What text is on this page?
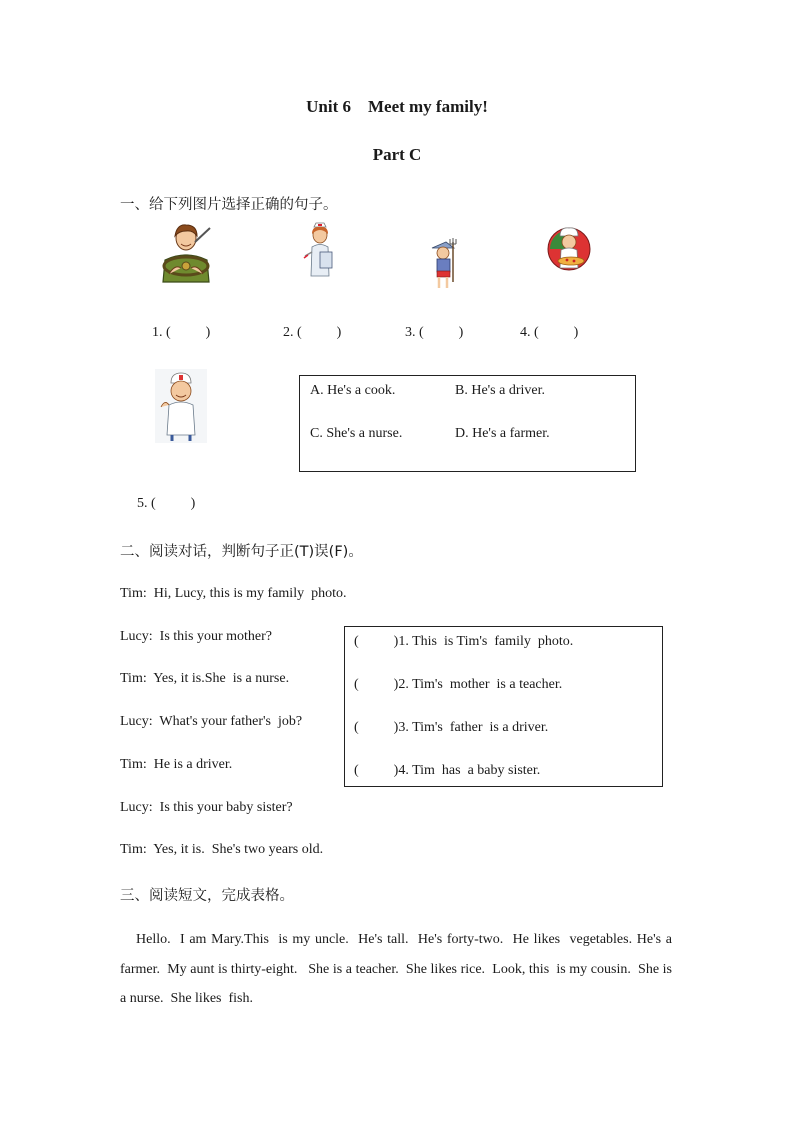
Unit 6    Meet my family!
Part C
一、给下列图片选择正确的句子。
1. (          )	2. (          )	3. (          )	4. (          )
A. He's a cook.	B. He's a driver.
C. She's a nurse.	D. He's a farmer.
5. (          )
二、阅读对话，判断句子正(T)误(F)。
Tim:  Hi, Lucy, this is my family  photo.
Lucy:  Is this your mother?
Tim:  Yes, it is.She  is a nurse.
Lucy:  What's your father's  job?
Tim:  He is a driver.
Lucy:  Is this your baby sister?
Tim:  Yes, it is.  She's two years old.
(          )1. This  is Tim's  family  photo.
(          )2. Tim's  mother  is a teacher.
(          )3. Tim's  father  is a driver.
(          )4. Tim  has  a baby sister.
三、阅读短文，完成表格。
Hello.  I am Mary.This  is my uncle.  He's tall.  He's forty-two.  He likes  vegetables. He's a farmer.  My aunt is thirty-eight.   She is a teacher.  She likes rice.  Look, this  is my cousin.  She is a nurse.  She likes  fish.
